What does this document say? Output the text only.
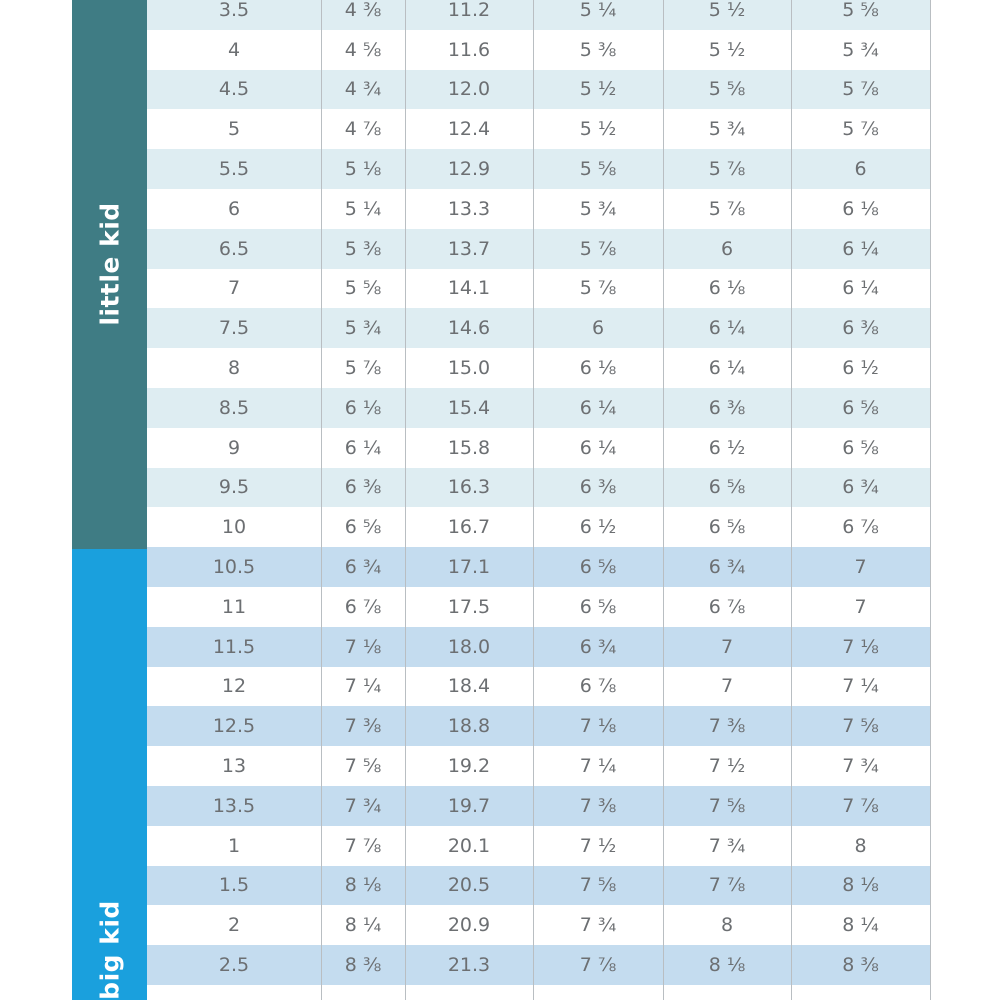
little kid
big kid
3.5	4 ⅜	11.2	5 ¼	5 ½	5 ⅝
4	4 ⅝	11.6	5 ⅜	5 ½	5 ¾
4.5	4 ¾	12.0	5 ½	5 ⅝	5 ⅞
5	4 ⅞	12.4	5 ½	5 ¾	5 ⅞
5.5	5 ⅛	12.9	5 ⅝	5 ⅞	6
6	5 ¼	13.3	5 ¾	5 ⅞	6 ⅛
6.5	5 ⅜	13.7	5 ⅞	6	6 ¼
7	5 ⅝	14.1	5 ⅞	6 ⅛	6 ¼
7.5	5 ¾	14.6	6	6 ¼	6 ⅜
8	5 ⅞	15.0	6 ⅛	6 ¼	6 ½
8.5	6 ⅛	15.4	6 ¼	6 ⅜	6 ⅝
9	6 ¼	15.8	6 ¼	6 ½	6 ⅝
9.5	6 ⅜	16.3	6 ⅜	6 ⅝	6 ¾
10	6 ⅝	16.7	6 ½	6 ⅝	6 ⅞
10.5	6 ¾	17.1	6 ⅝	6 ¾	7
11	6 ⅞	17.5	6 ⅝	6 ⅞	7
11.5	7 ⅛	18.0	6 ¾	7	7 ⅛
12	7 ¼	18.4	6 ⅞	7	7 ¼
12.5	7 ⅜	18.8	7 ⅛	7 ⅜	7 ⅝
13	7 ⅝	19.2	7 ¼	7 ½	7 ¾
13.5	7 ¾	19.7	7 ⅜	7 ⅝	7 ⅞
1	7 ⅞	20.1	7 ½	7 ¾	8
1.5	8 ⅛	20.5	7 ⅝	7 ⅞	8 ⅛
2	8 ¼	20.9	7 ¾	8	8 ¼
2.5	8 ⅜	21.3	7 ⅞	8 ⅛	8 ⅜
